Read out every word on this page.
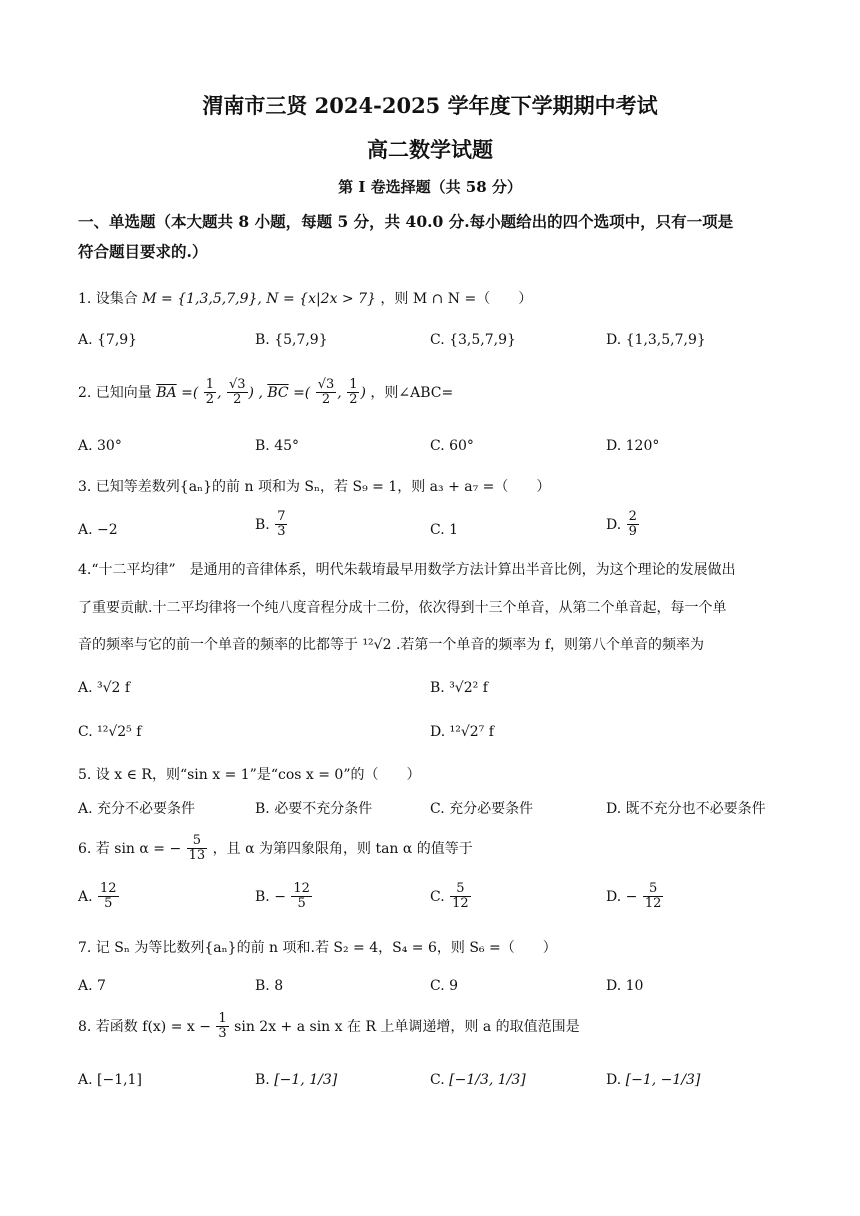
渭南市三贤 2024-2025 学年度下学期期中考试
高二数学试题
第 I 卷选择题（共 58 分）
一、单选题（本大题共 8 小题，每题 5 分，共 40.0 分.每小题给出的四个选项中，只有一项是
符合题目要求的.）
1. 设集合 M = {1,3,5,7,9}, N = {x|2x > 7} ，则 M ∩ N =（　　）
A. {7,9}	B. {5,7,9}	C. {3,5,7,9}	D. {1,3,5,7,9}
2. 已知向量 $\overline{BA}$ =( $\frac{1}{2}$ , $\frac{√3}{2}$ ) , $\overline{BC}$ =( $\frac{√3}{2}$ , $\frac{1}{2}$ ) ，则∠ABC=
A. 30°	B. 45°	C. 60°	D. 120°
3. 已知等差数列{aₙ}的前 n 项和为 Sₙ，若 S₉ = 1，则 a₃ + a₇ =（　　）
A. −2	B. $\frac{7}{3}$	C. 1	D. $\frac{2}{9}$
4.“十二平均律”　是通用的音律体系，明代朱载堉最早用数学方法计算出半音比例，为这个理论的发展做出
了重要贡献.十二平均律将一个纯八度音程分成十二份，依次得到十三个单音，从第二个单音起，每一个单
音的频率与它的前一个单音的频率的比都等于 ¹²√2 .若第一个单音的频率为 f，则第八个单音的频率为
A. ³√2 f	B. ³√2² f
C. ¹²√2⁵ f	D. ¹²√2⁷ f
5. 设 x ∈ R，则“sin x = 1”是“cos x = 0”的（　　）
A. 充分不必要条件	B. 必要不充分条件	C. 充分必要条件	D. 既不充分也不必要条件
6. 若 sin α = − $\frac{5}{13}$ ，且 α 为第四象限角，则 tan α 的值等于
A. $\frac{12}{5}$	B. − $\frac{12}{5}$	C. $\frac{5}{12}$	D. − $\frac{5}{12}$
7. 记 Sₙ 为等比数列{aₙ}的前 n 项和.若 S₂ = 4，S₄ = 6，则 S₆ =（　　）
A. 7	B. 8	C. 9	D. 10
8. 若函数 $f(x) = x - \frac{1}{3}$ sin 2x + a sin x 在 R 上单调递增，则 a 的取值范围是
A. [−1,1]	B. [−1, 1/3]	C. [−1/3, 1/3]	D. [−1, −1/3]
